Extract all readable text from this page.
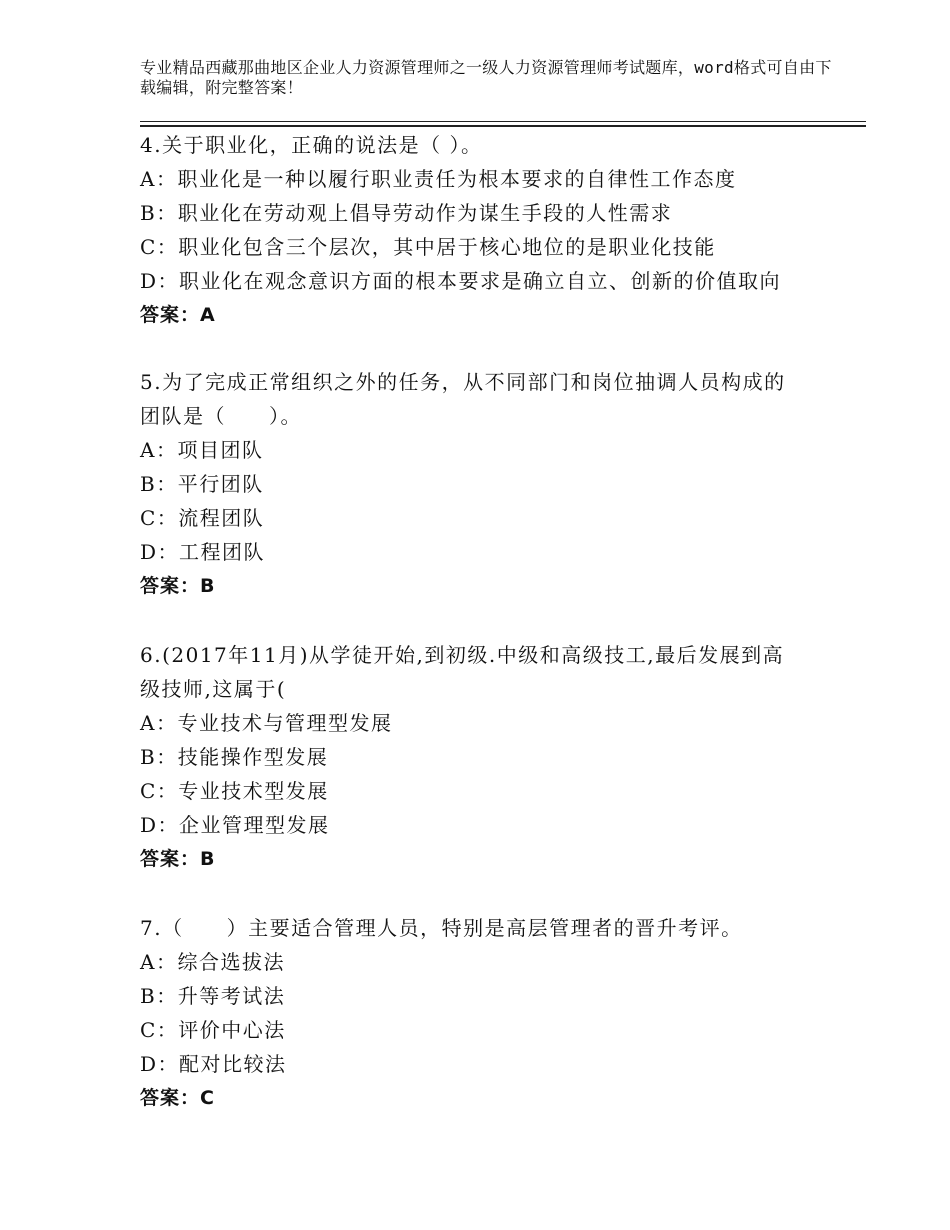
专业精品西藏那曲地区企业人力资源管理师之一级人力资源管理师考试题库，word格式可自由下载编辑，附完整答案！
4.关于职业化，正确的说法是（ ）。
A：职业化是一种以履行职业责任为根本要求的自律性工作态度
B：职业化在劳动观上倡导劳动作为谋生手段的人性需求
C：职业化包含三个层次，其中居于核心地位的是职业化技能
D：职业化在观念意识方面的根本要求是确立自立、创新的价值取向
答案：A
5.为了完成正常组织之外的任务，从不同部门和岗位抽调人员构成的
团队是（　　）。
A：项目团队
B：平行团队
C：流程团队
D：工程团队
答案：B
6.(2017年11月)从学徒开始,到初级.中级和高级技工,最后发展到高
级技师,这属于(
A：专业技术与管理型发展
B：技能操作型发展
C：专业技术型发展
D：企业管理型发展
答案：B
7.（　　）主要适合管理人员，特别是高层管理者的晋升考评。
A：综合选拔法
B：升等考试法
C：评价中心法
D：配对比较法
答案：C
